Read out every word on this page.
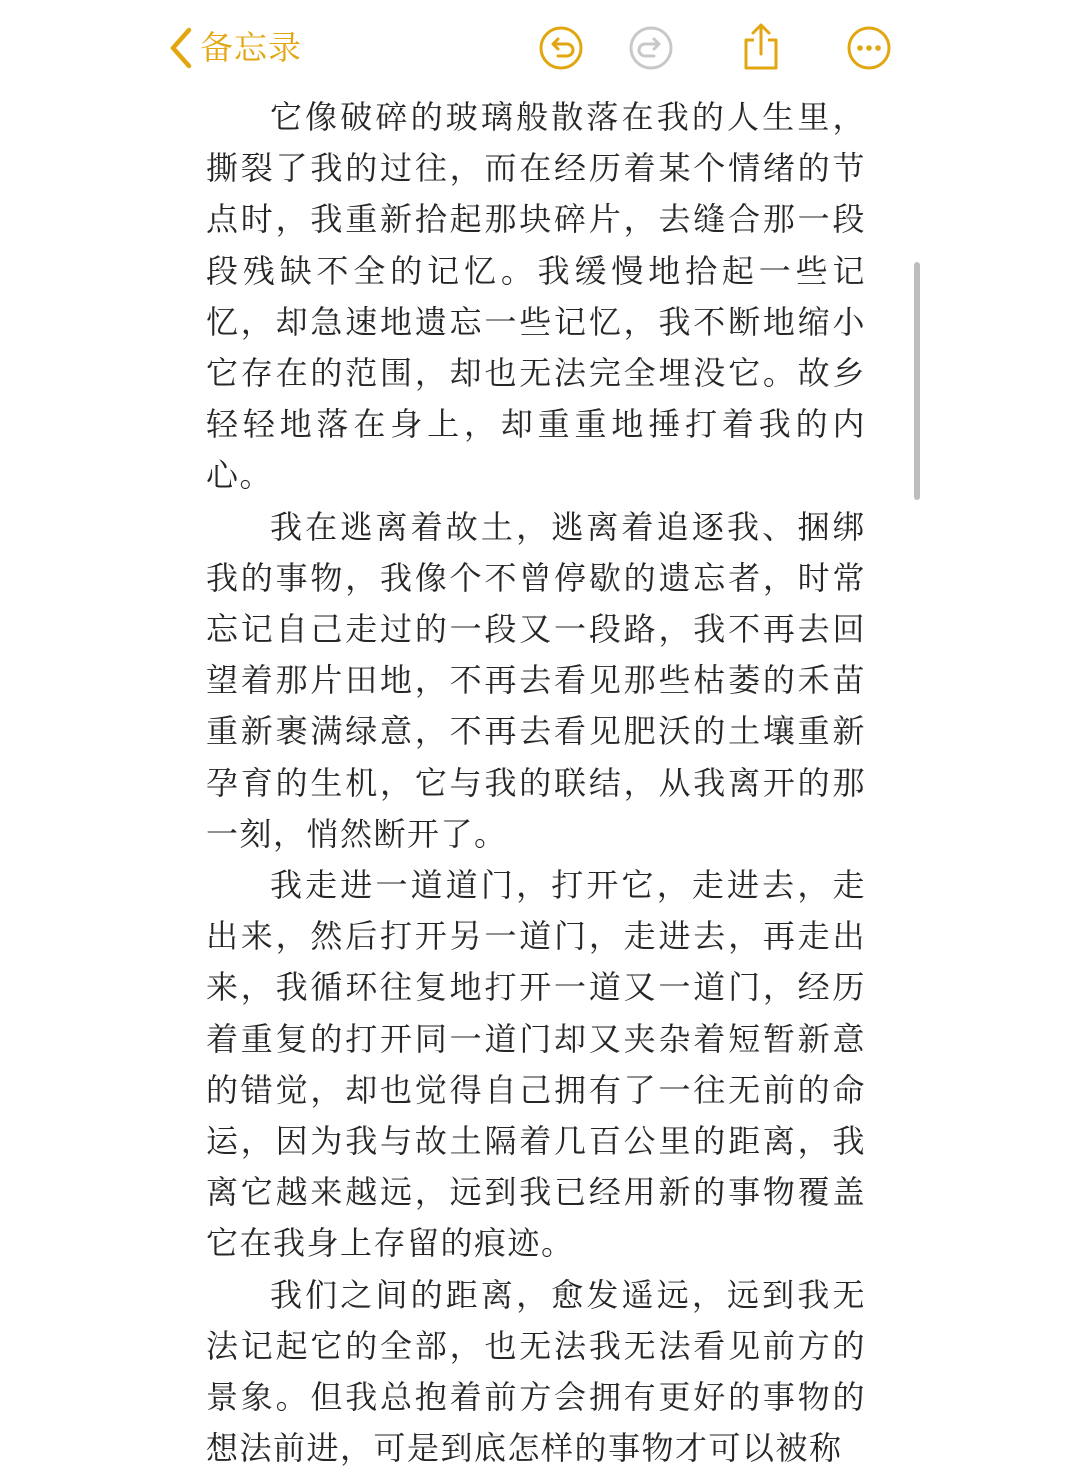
备忘录

它像破碎的玻璃般散落在我的人生里，撕裂了我的过往，而在经历着某个情绪的节点时，我重新拾起那块碎片，去缝合那一段段残缺不全的记忆。我缓慢地拾起一些记忆，却急速地遗忘一些记忆，我不断地缩小它存在的范围，却也无法完全埋没它。故乡轻轻地落在身上，却重重地捶打着我的内心。

我在逃离着故土，逃离着追逐我、捆绑我的事物，我像个不曾停歇的遗忘者，时常忘记自己走过的一段又一段路，我不再去回望着那片田地，不再去看见那些枯萎的禾苗重新裹满绿意，不再去看见肥沃的土壤重新孕育的生机，它与我的联结，从我离开的那一刻，悄然断开了。

我走进一道道门，打开它，走进去，走出来，然后打开另一道门，走进去，再走出来，我循环往复地打开一道又一道门，经历着重复的打开同一道门却又夹杂着短暂新意的错觉，却也觉得自己拥有了一往无前的命运，因为我与故土隔着几百公里的距离，我离它越来越远，远到我已经用新的事物覆盖它在我身上存留的痕迹。

我们之间的距离，愈发遥远，远到我无法记起它的全部，也无法我无法看见前方的景象。但我总抱着前方会拥有更好的事物的想法前进，可是到底怎样的事物才可以被称
